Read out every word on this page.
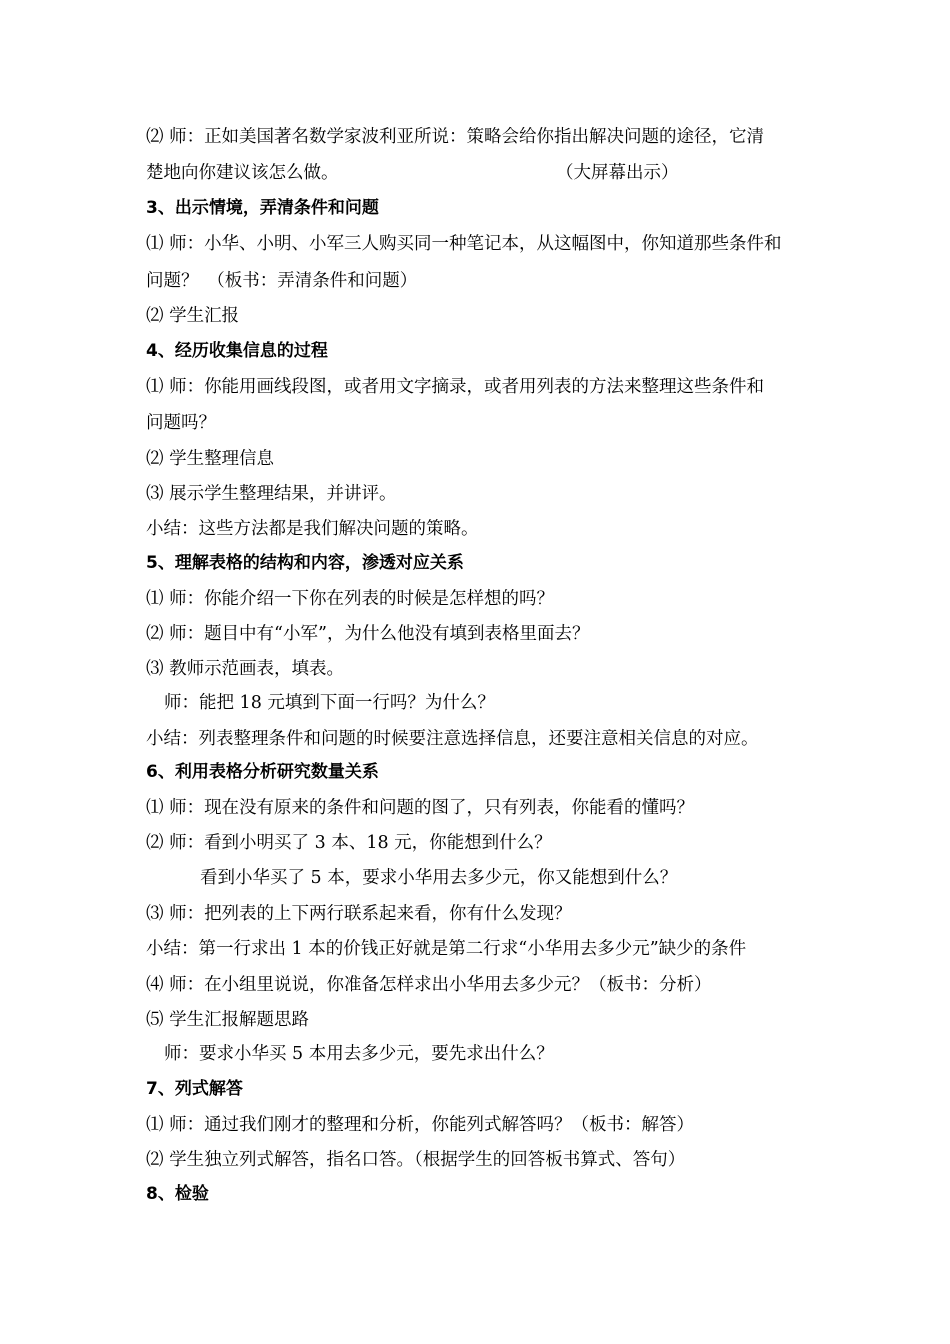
⑵ 师：正如美国著名数学家波利亚所说：策略会给你指出解决问题的途径，它清
楚地向你建议该怎么做。	（大屏幕出示）
3、出示情境，弄清条件和问题
⑴ 师：小华、小明、小军三人购买同一种笔记本，从这幅图中，你知道那些条件和
问题？　（板书：弄清条件和问题）
⑵ 学生汇报
4、经历收集信息的过程
⑴ 师：你能用画线段图，或者用文字摘录，或者用列表的方法来整理这些条件和
问题吗？
⑵ 学生整理信息
⑶ 展示学生整理结果，并讲评。
小结：这些方法都是我们解决问题的策略。
5、理解表格的结构和内容，渗透对应关系
⑴ 师：你能介绍一下你在列表的时候是怎样想的吗？
⑵ 师：题目中有“小军”，为什么他没有填到表格里面去？
⑶ 教师示范画表，填表。
师：能把 18 元填到下面一行吗？为什么？
小结：列表整理条件和问题的时候要注意选择信息，还要注意相关信息的对应。
6、利用表格分析研究数量关系
⑴ 师：现在没有原来的条件和问题的图了，只有列表，你能看的懂吗？
⑵ 师：看到小明买了 3 本、18 元，你能想到什么？
看到小华买了 5 本，要求小华用去多少元，你又能想到什么？
⑶ 师：把列表的上下两行联系起来看，你有什么发现？
小结：第一行求出 1 本的价钱正好就是第二行求“小华用去多少元”缺少的条件
⑷ 师：在小组里说说，你准备怎样求出小华用去多少元？（板书：分析）
⑸ 学生汇报解题思路
师：要求小华买 5 本用去多少元，要先求出什么？
7、列式解答
⑴ 师：通过我们刚才的整理和分析，你能列式解答吗？（板书：解答）
⑵ 学生独立列式解答，指名口答。（根据学生的回答板书算式、答句）
8、检验
